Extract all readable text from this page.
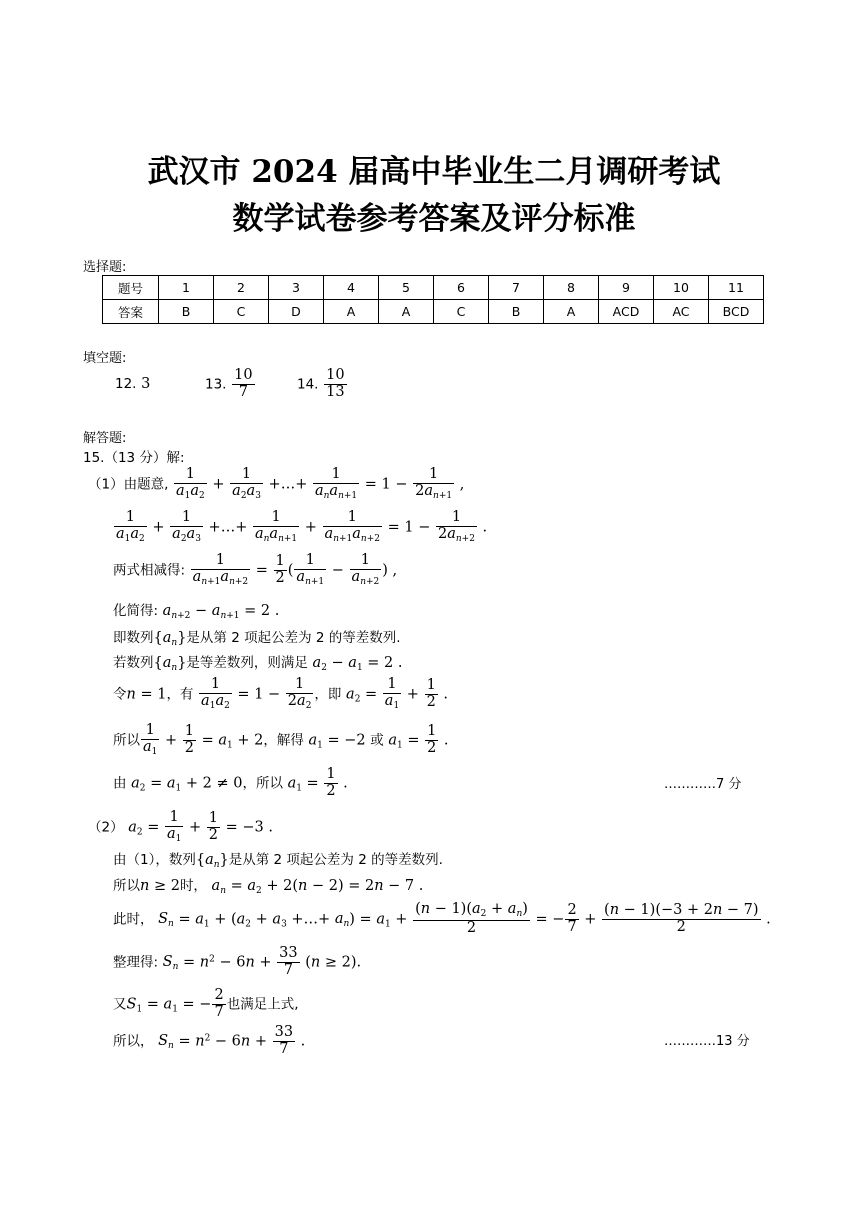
武汉市 2024 届高中毕业生二月调研考试
数学试卷参考答案及评分标准
选择题:
题号	1	2	3	4	5	6	7	8	9	10	11
答案	B	C	D	A	A	C	B	A	ACD	AC	BCD
填空题:
12. 3	13. $\frac{10}{7}$	14. $\frac{10}{13}$
解答题:
15.（13 分）解:
（1）由题意, $\frac{1}{a_1a_2} + \frac{1}{a_2a_3}$ +…+ $\frac{1}{a_na_{n+1}} = 1 - \frac{1}{2a_{n+1}}$ ,
$\frac{1}{a_1a_2} + \frac{1}{a_2a_3}$ +…+ $\frac{1}{a_na_{n+1}} + \frac{1}{a_{n+1}a_{n+2}} = 1 - \frac{1}{2a_{n+2}}$ .
两式相减得: $\frac{1}{a_{n+1}a_{n+2}} = \frac{1}{2}$ ( $\frac{1}{a_{n+1}} - \frac{1}{a_{n+2}}$ ) ,
化简得: $a_{n+2} - a_{n+1} = 2$ .
即数列$\{a_n\}$是从第 2 项起公差为 2 的等差数列.
若数列$\{a_n\}$是等差数列，则满足 $a_2 - a_1 = 2$ .
令n = 1，有 $\frac{1}{a_1a_2} = 1 - \frac{1}{2a_2}$ ，即 $a_2 = \frac{1}{a_1} + \frac{1}{2}$ .
所以 $\frac{1}{a_1} + \frac{1}{2} = a_1 + 2$，解得 $a_1 = -2$ 或 $a_1 = \frac{1}{2}$ .
由 $a_2 = a_1 + 2 \ne 0$，所以 $a_1 = \frac{1}{2}$ .	…………7 分
（2） $a_2 = \frac{1}{a_1} + \frac{1}{2} = -3$ .
由（1），数列$\{a_n\}$是从第 2 项起公差为 2 的等差数列.
所以n ≥ 2时， $a_n = a_2 + 2(n - 2) = 2n - 7$ .
此时， $S_n = a_1 + (a_2 + a_3$ +…+ $a_n) = a_1 + \frac{(n - 1)(a_2 + a_n)}{2}$ = − $\frac{2}{7} + \frac{(n - 1)(-3 + 2n - 7)}{2}$ .
整理得: $S_n = n^2 - 6n + \frac{33}{7} (n \ge 2)$.
又$S_1 = a_1$ = − $\frac{2}{7}$ 也满足上式,
所以， $S_n = n^2 - 6n + \frac{33}{7}$ .	…………13 分
